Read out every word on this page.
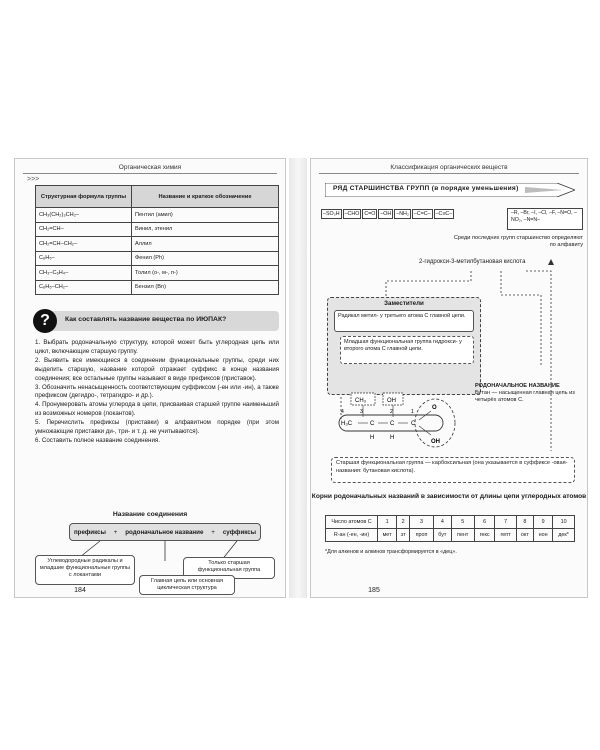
Органическая химия
>>>
Структурная формула группы	Название и краткое обозначение
CH₃(CH₂)₃CH₂–	Пентил (амил)
CH₂=CH–	Винил, этенил
CH₂=CH–CH₂–	Аллил
C₆H₅–	Фенил (Ph)
CH₃–C₆H₄–	Толил (о-, м-, п-)
C₆H₅–CH₂–	Бензил (Bn)
?	Как составлять название вещества по ИЮПАК?
1. Выбрать родоначальную структуру, которой может быть углеродная цепь или цикл, включающие старшую группу.
2. Выявить все имеющиеся в соединении функциональные группы, среди них выделить старшую, название которой отражает суффикс в конце названия соединения; все остальные группы называют в виде префиксов (приставок).
3. Обозначить ненасыщенность соответствующим суффиксом (-ен или -ин), а также префиксом (дегидро-, тетрагидро- и др.).
4. Пронумеровать атомы углерода в цепи, присваивая старшей группе наименьший из возможных номеров (локантов).
5. Перечислить префиксы (приставки) в алфавитном порядке (при этом умножающие приставки ди-, три- и т. д. не учитываются).
6. Составить полное название соединения.
Название соединения
префиксы + родоначальное название + суффиксы
Углеводородные радикалы и младшие функциональные группы с локантами
Только старшая функциональная группа
Главная цепь или основная циклическая структура
184
Классификация органических веществ
РЯД СТАРШИНСТВА ГРУПП (в порядке уменьшения)
–SO₃H –CHO C=O –OH –NH₂ –C=C– –C≡C–	–R, –Br, –I, –Cl, –F, –N=O, –NO₂, –N=N–
Среди последних групп старшинство определяют по алфавиту
2-гидрокси-3-метилбутановая кислота
Заместители
Радикал метил- у третьего атома С главной цепи.
Младшая функциональная группа гидрокси- у второго атома С главной цепи.
РОДОНАЧАЛЬНОЕ НАЗВАНИЕ
Бутан — насыщенная главная цепь из четырёх атомов С.
CH₃	OH
3	2
4	1
H₃C	C	C	C
H	H
O
OH
Старшая функциональная группа — карбоксильная (она указывается в суффиксе -овая- названия: бутановая кислота).
Корни родоначальных названий в зависимости от длины цепи углеродных атомов
Число атомов С	1	2	3	4	5	6	7	8	9	10
R-ан (-ен, -ин)	мет	эт	проп	бут	пент	гекс	гепт	окт	нон	дек*
*Для алкенов и алкинов трансформируется в «дец».
185
